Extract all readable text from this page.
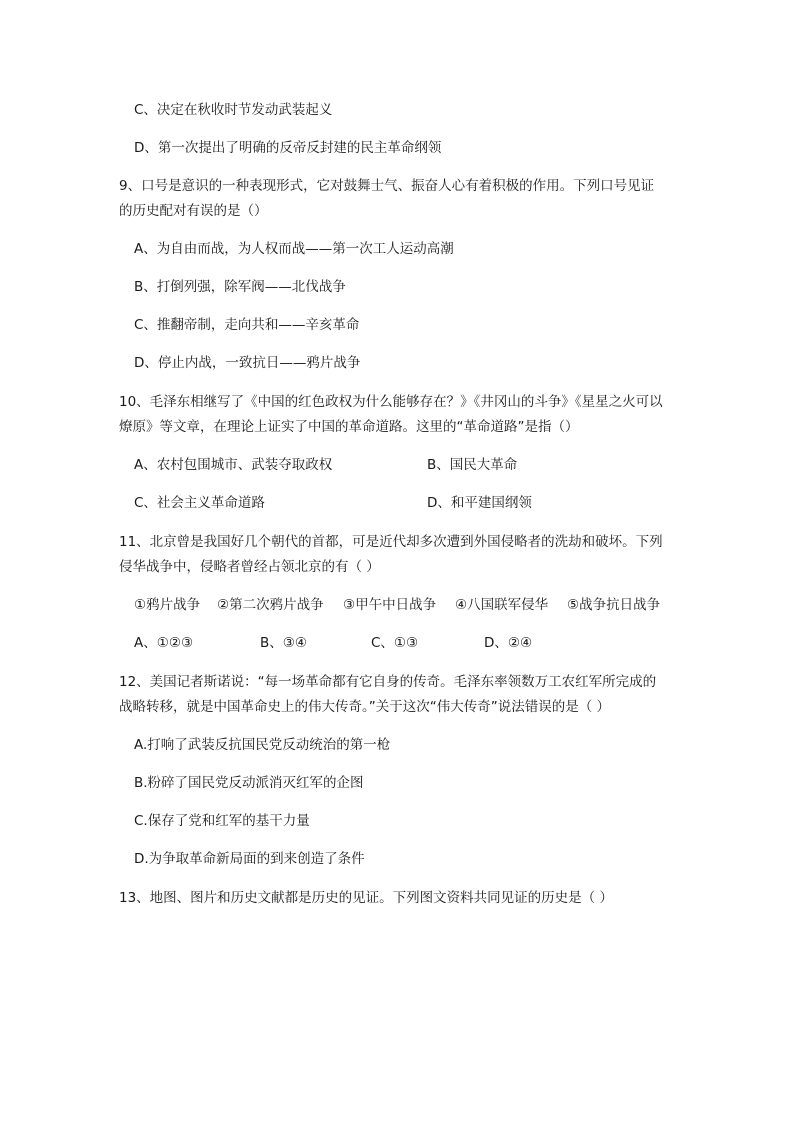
C、决定在秋收时节发动武装起义
D、第一次提出了明确的反帝反封建的民主革命纲领
9、口号是意识的一种表现形式，它对鼓舞士气、振奋人心有着积极的作用。下列口号见证
的历史配对有误的是（）
A、为自由而战，为人权而战——第一次工人运动高潮
B、打倒列强，除军阀——北伐战争
C、推翻帝制，走向共和——辛亥革命
D、停止内战，一致抗日——鸦片战争
10、毛泽东相继写了《中国的红色政权为什么能够存在？》《井冈山的斗争》《星星之火可以
燎原》等文章，在理论上证实了中国的革命道路。这里的“革命道路”是指（）
A、农村包围城市、武装夺取政权	B、国民大革命
C、社会主义革命道路	D、和平建国纲领
11、北京曾是我国好几个朝代的首都，可是近代却多次遭到外国侵略者的洗劫和破坏。下列
侵华战争中，侵略者曾经占领北京的有（ ）
①鸦片战争 ②第二次鸦片战争 ③甲午中日战争 ④八国联军侵华 ⑤战争抗日战争
A、①②③	B、③④	C、①③	D、②④
12、美国记者斯诺说：“每一场革命都有它自身的传奇。毛泽东率领数万工农红军所完成的
战略转移，就是中国革命史上的伟大传奇。”关于这次“伟大传奇”说法错误的是（ ）
A.打响了武装反抗国民党反动统治的第一枪
B.粉碎了国民党反动派消灭红军的企图
C.保存了党和红军的基干力量
D.为争取革命新局面的到来创造了条件
13、地图、图片和历史文献都是历史的见证。下列图文资料共同见证的历史是（ ）
